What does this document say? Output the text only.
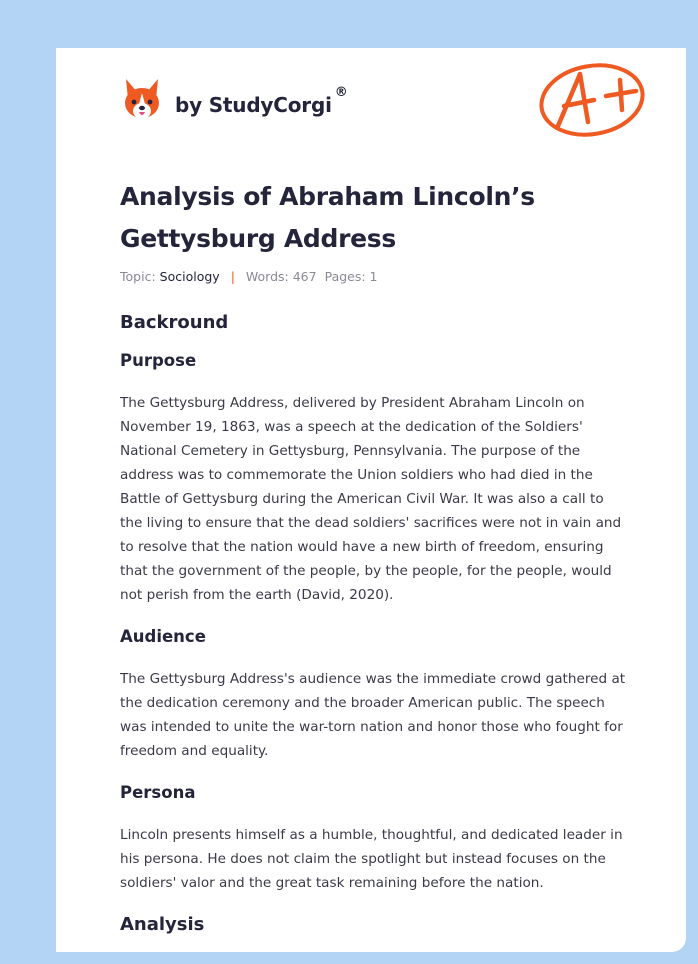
by StudyCorgi®
Analysis of Abraham Lincoln’s Gettysburg Address
Topic: Sociology | Words: 467 Pages: 1
Backround
Purpose

The Gettysburg Address, delivered by President Abraham Lincoln on November 19, 1863, was a speech at the dedication of the Soldiers' National Cemetery in Gettysburg, Pennsylvania. The purpose of the address was to commemorate the Union soldiers who had died in the Battle of Gettysburg during the American Civil War. It was also a call to the living to ensure that the dead soldiers' sacrifices were not in vain and to resolve that the nation would have a new birth of freedom, ensuring that the government of the people, by the people, for the people, would not perish from the earth (David, 2020).

Audience

The Gettysburg Address's audience was the immediate crowd gathered at the dedication ceremony and the broader American public. The speech was intended to unite the war-torn nation and honor those who fought for freedom and equality.

Persona

Lincoln presents himself as a humble, thoughtful, and dedicated leader in his persona. He does not claim the spotlight but instead focuses on the soldiers' valor and the great task remaining before the nation.

Analysis
